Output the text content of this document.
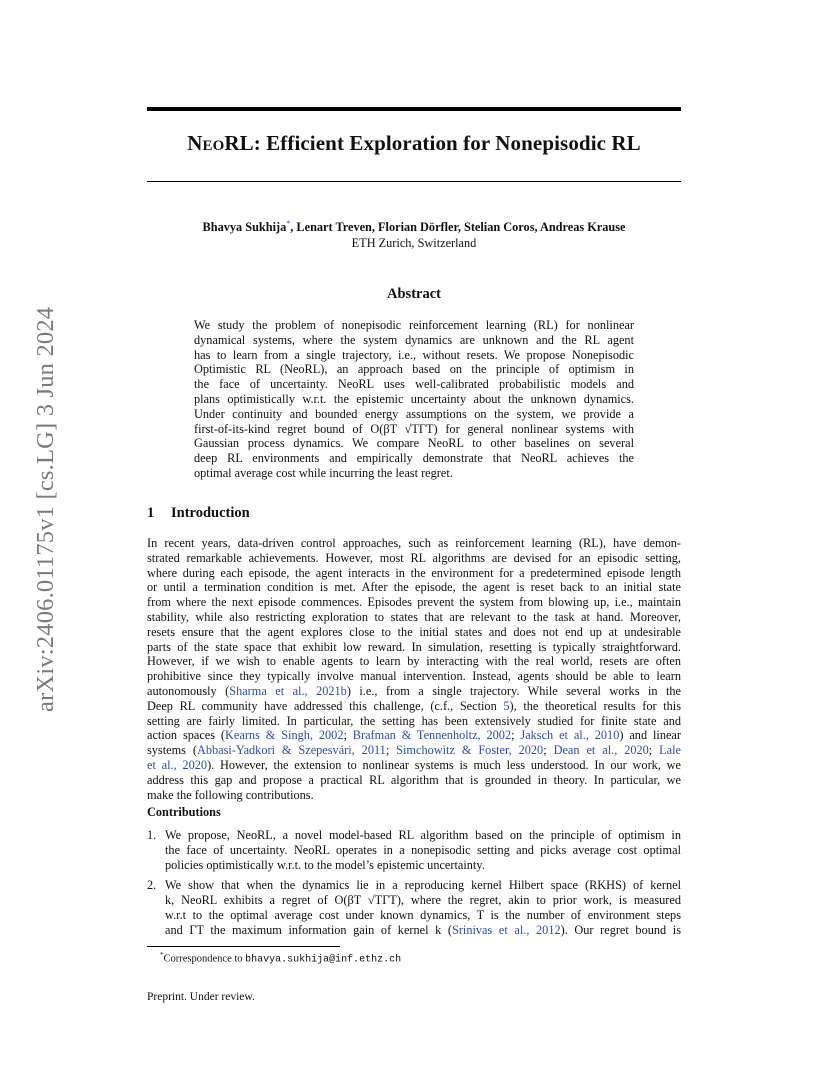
NeoRL: Efficient Exploration for Nonepisodic RL
arXiv:2406.01175v1 [cs.LG] 3 Jun 2024
Bhavya Sukhija*, Lenart Treven, Florian Dörfler, Stelian Coros, Andreas Krause
ETH Zurich, Switzerland
Abstract
We study the problem of nonepisodic reinforcement learning (RL) for nonlinear
dynamical systems, where the system dynamics are unknown and the RL agent
has to learn from a single trajectory, i.e., without resets. We propose Nonepisodic
Optimistic RL (NeoRL), an approach based on the principle of optimism in
the face of uncertainty. NeoRL uses well-calibrated probabilistic models and
plans optimistically w.r.t. the epistemic uncertainty about the unknown dynamics.
Under continuity and bounded energy assumptions on the system, we provide a
first-of-its-kind regret bound of O(βT √TΓT) for general nonlinear systems with
Gaussian process dynamics. We compare NeoRL to other baselines on several
deep RL environments and empirically demonstrate that NeoRL achieves the
optimal average cost while incurring the least regret.
1 Introduction
In recent years, data-driven control approaches, such as reinforcement learning (RL), have demon-
strated remarkable achievements. However, most RL algorithms are devised for an episodic setting,
where during each episode, the agent interacts in the environment for a predetermined episode length
or until a termination condition is met. After the episode, the agent is reset back to an initial state
from where the next episode commences. Episodes prevent the system from blowing up, i.e., maintain
stability, while also restricting exploration to states that are relevant to the task at hand. Moreover,
resets ensure that the agent explores close to the initial states and does not end up at undesirable
parts of the state space that exhibit low reward. In simulation, resetting is typically straightforward.
However, if we wish to enable agents to learn by interacting with the real world, resets are often
prohibitive since they typically involve manual intervention. Instead, agents should be able to learn
autonomously (Sharma et al., 2021b) i.e., from a single trajectory. While several works in the
Deep RL community have addressed this challenge, (c.f., Section 5), the theoretical results for this
setting are fairly limited. In particular, the setting has been extensively studied for finite state and
action spaces (Kearns & Singh, 2002; Brafman & Tennenholtz, 2002; Jaksch et al., 2010) and linear
systems (Abbasi-Yadkori & Szepesvári, 2011; Simchowitz & Foster, 2020; Dean et al., 2020; Lale
et al., 2020). However, the extension to nonlinear systems is much less understood. In our work, we
address this gap and propose a practical RL algorithm that is grounded in theory. In particular, we
make the following contributions.
Contributions
1. We propose, NeoRL, a novel model-based RL algorithm based on the principle of optimism in
the face of uncertainty. NeoRL operates in a nonepisodic setting and picks average cost optimal
policies optimistically w.r.t. to the model’s epistemic uncertainty.
2. We show that when the dynamics lie in a reproducing kernel Hilbert space (RKHS) of kernel
k, NeoRL exhibits a regret of O(βT √TΓT), where the regret, akin to prior work, is measured
w.r.t to the optimal average cost under known dynamics, T is the number of environment steps
and ΓT the maximum information gain of kernel k (Srinivas et al., 2012). Our regret bound is
*Correspondence to bhavya.sukhija@inf.ethz.ch
Preprint. Under review.
